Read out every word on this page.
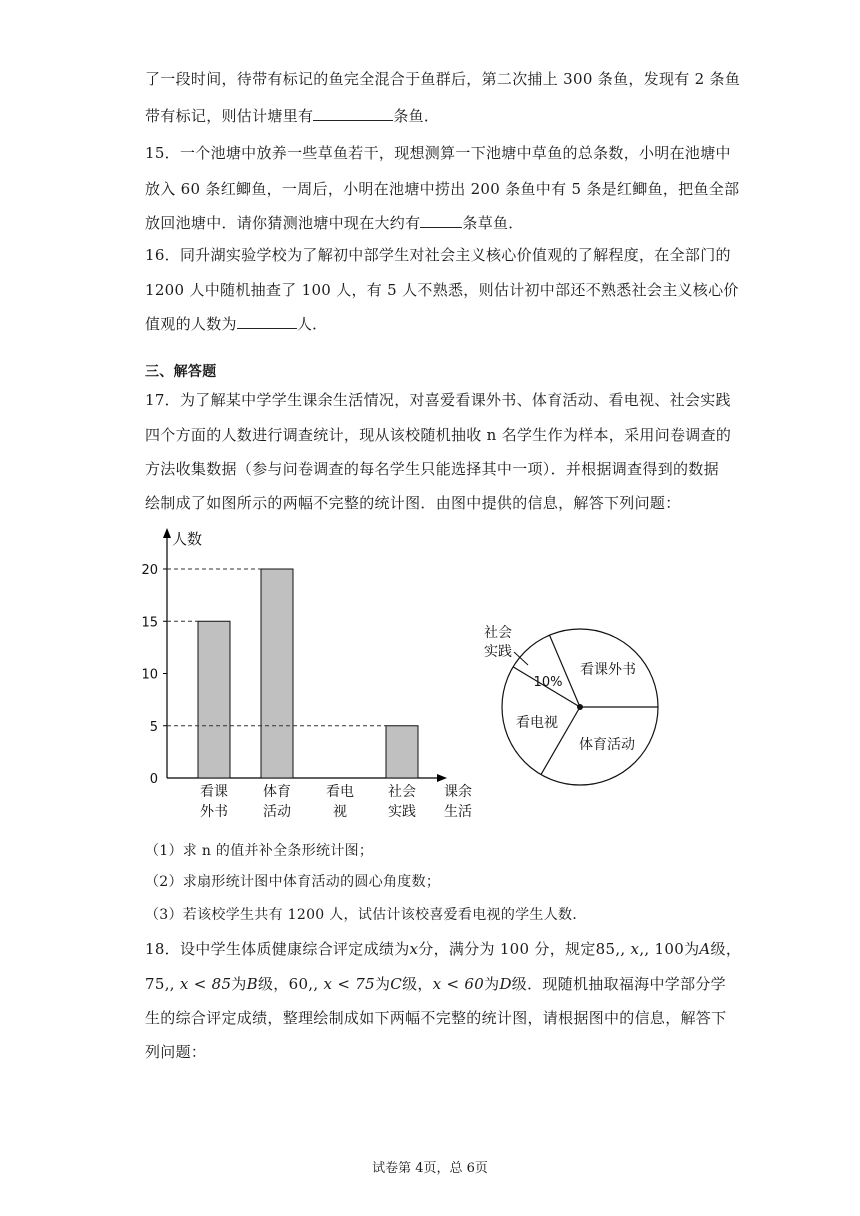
了一段时间，待带有标记的鱼完全混合于鱼群后，第二次捕上 300 条鱼，发现有 2 条鱼
带有标记，则估计塘里有	条鱼．
15．一个池塘中放养一些草鱼若干，现想测算一下池塘中草鱼的总条数，小明在池塘中
放入 60 条红鲫鱼，一周后，小明在池塘中捞出 200 条鱼中有 5 条是红鲫鱼，把鱼全部
放回池塘中．请你猜测池塘中现在大约有	条草鱼．
16．同升湖实验学校为了解初中部学生对社会主义核心价值观的了解程度，在全部门的
1200 人中随机抽查了 100 人，有 5 人不熟悉，则估计初中部还不熟悉社会主义核心价
值观的人数为	人．
三、解答题
17．为了解某中学学生课余生活情况，对喜爱看课外书、体育活动、看电视、社会实践
四个方面的人数进行调查统计，现从该校随机抽收 n 名学生作为样本，采用问卷调查的
方法收集数据（参与问卷调查的每名学生只能选择其中一项）．并根据调查得到的数据
绘制成了如图所示的两幅不完整的统计图．由图中提供的信息，解答下列问题：
人数
0
5
10
15
20
看课
外书
体育
活动
看电
视
社会
实践
课余
生活
看课外书
体育活动
看电视
10%
社会
实践
（1）求 n 的值并补全条形统计图；
（2）求扇形统计图中体育活动的圆心角度数；
（3）若该校学生共有 1200 人，试估计该校喜爱看电视的学生人数．
18．设中学生体质健康综合评定成绩为x分，满分为 100 分，规定85,, x,, 100为A级，
75,, x < 85为B级，60,, x < 75为C级，x < 60为D级．现随机抽取福海中学部分学
生的综合评定成绩，整理绘制成如下两幅不完整的统计图，请根据图中的信息，解答下
列问题：
试卷第 4页，总 6页
